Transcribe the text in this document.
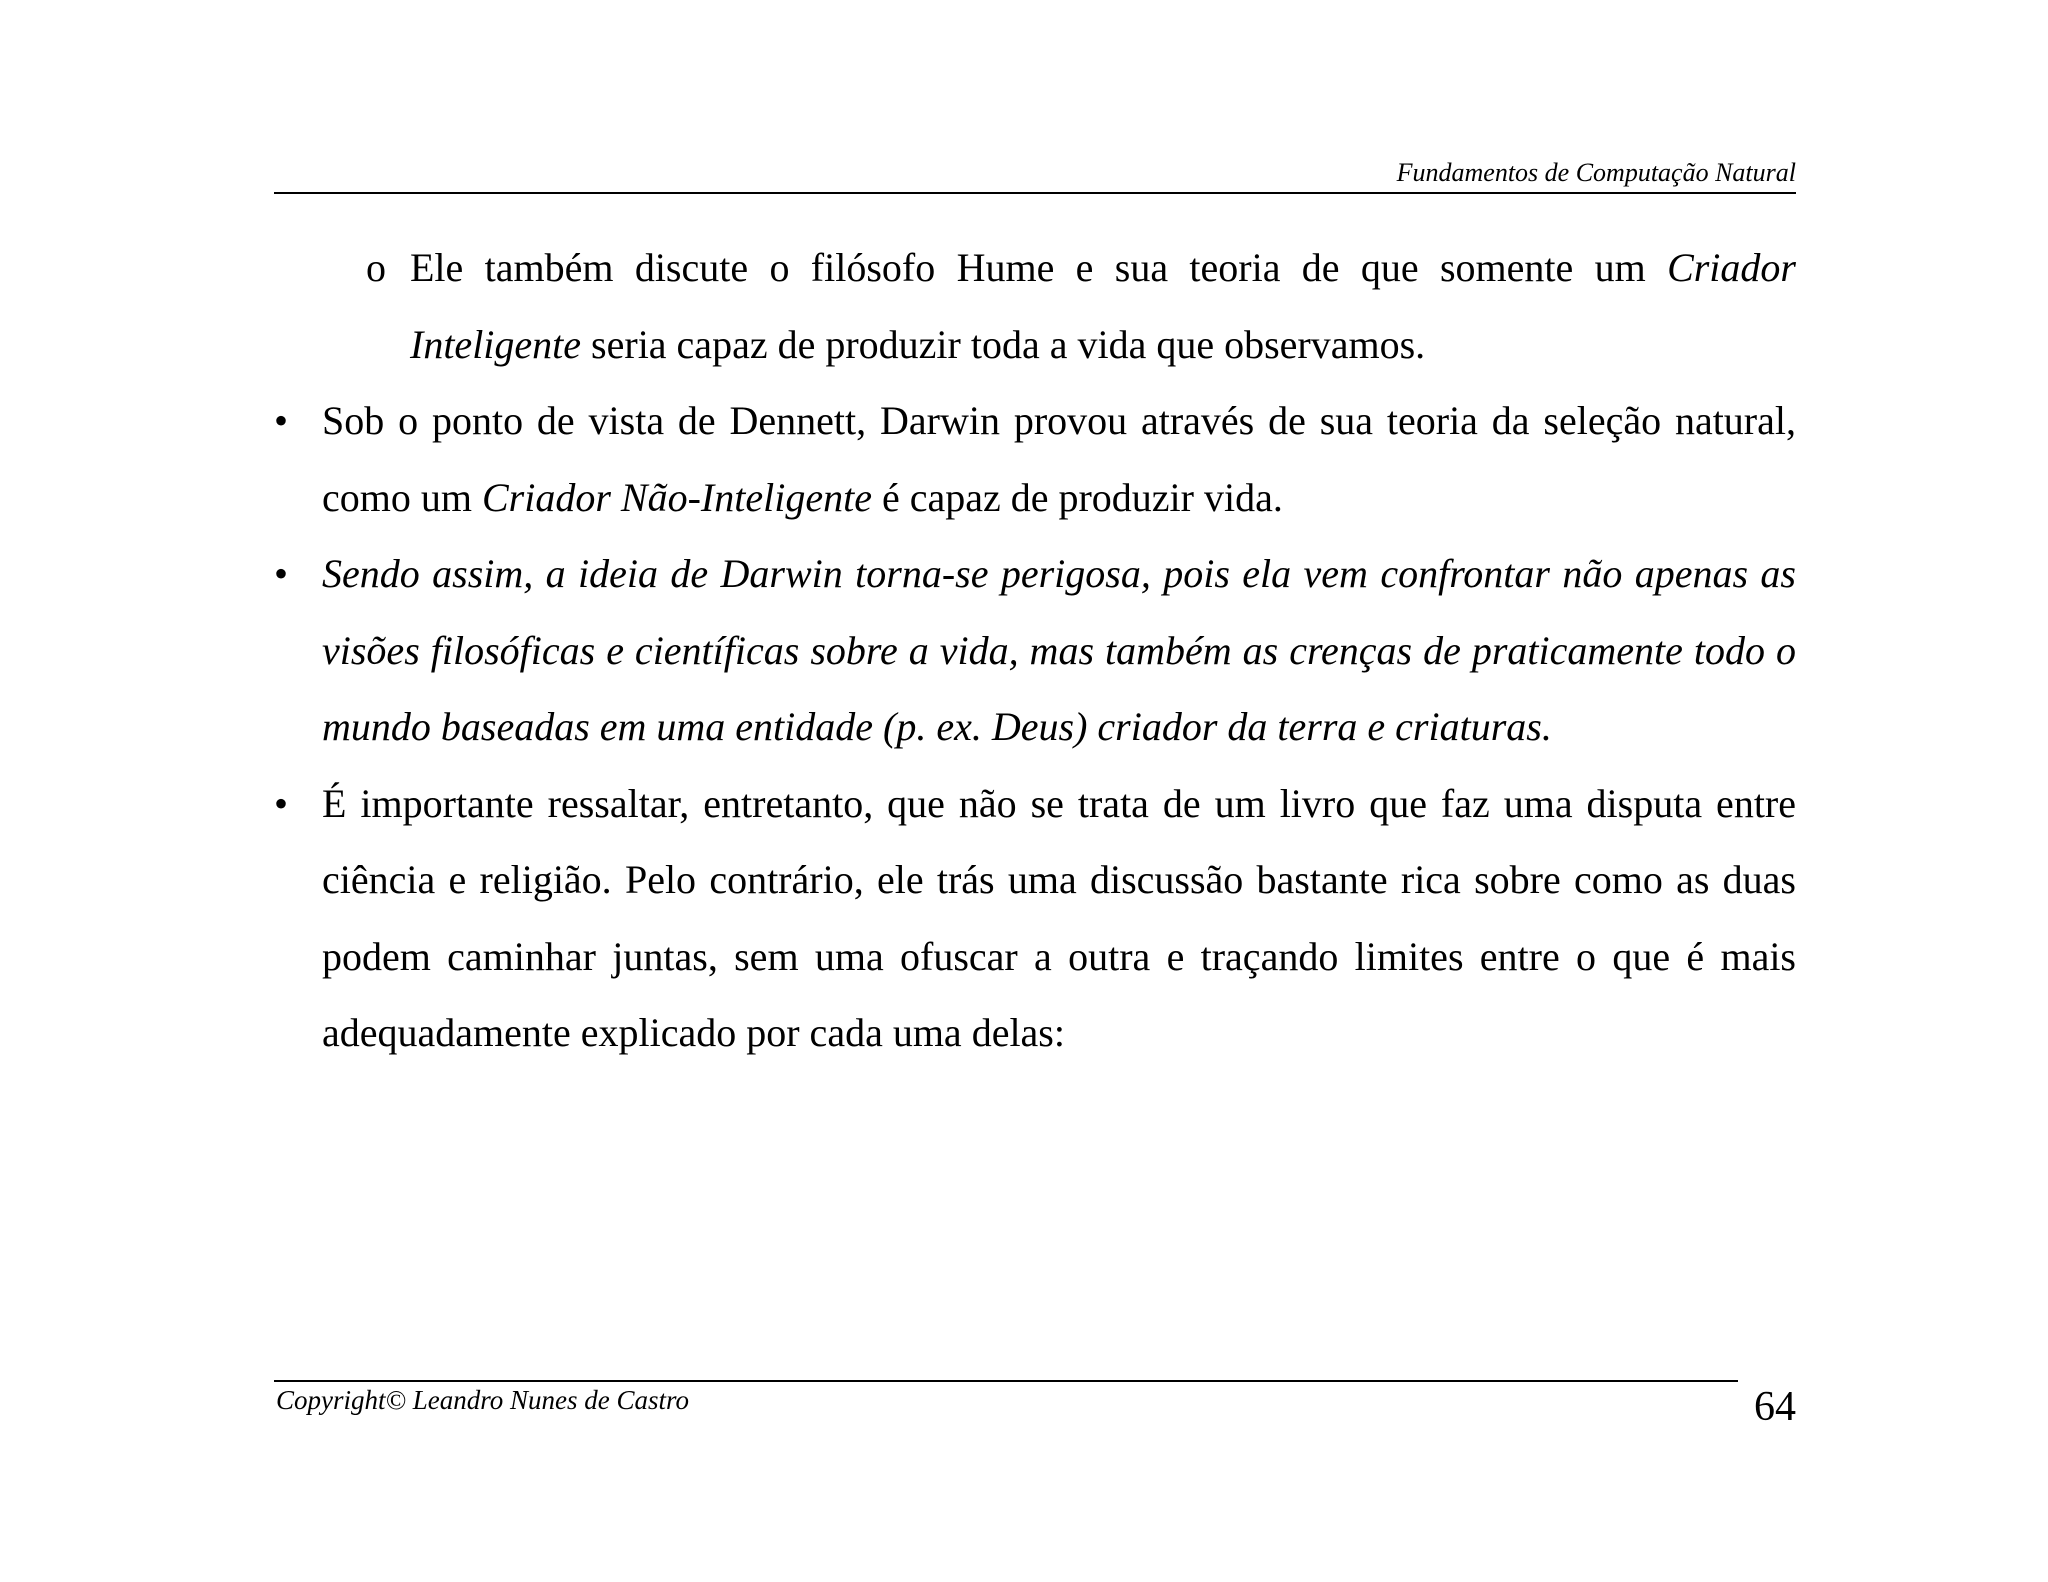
Fundamentos de Computação Natural
o Ele também discute o filósofo Hume e sua teoria de que somente um Criador Inteligente seria capaz de produzir toda a vida que observamos.
• Sob o ponto de vista de Dennett, Darwin provou através de sua teoria da seleção natural, como um Criador Não-Inteligente é capaz de produzir vida.
• Sendo assim, a ideia de Darwin torna-se perigosa, pois ela vem confrontar não apenas as visões filosóficas e científicas sobre a vida, mas também as crenças de praticamente todo o mundo baseadas em uma entidade (p. ex. Deus) criador da terra e criaturas.
• É importante ressaltar, entretanto, que não se trata de um livro que faz uma disputa entre ciência e religião. Pelo contrário, ele trás uma discussão bastante rica sobre como as duas podem caminhar juntas, sem uma ofuscar a outra e traçando limites entre o que é mais adequadamente explicado por cada uma delas:
Copyright© Leandro Nunes de Castro	64
